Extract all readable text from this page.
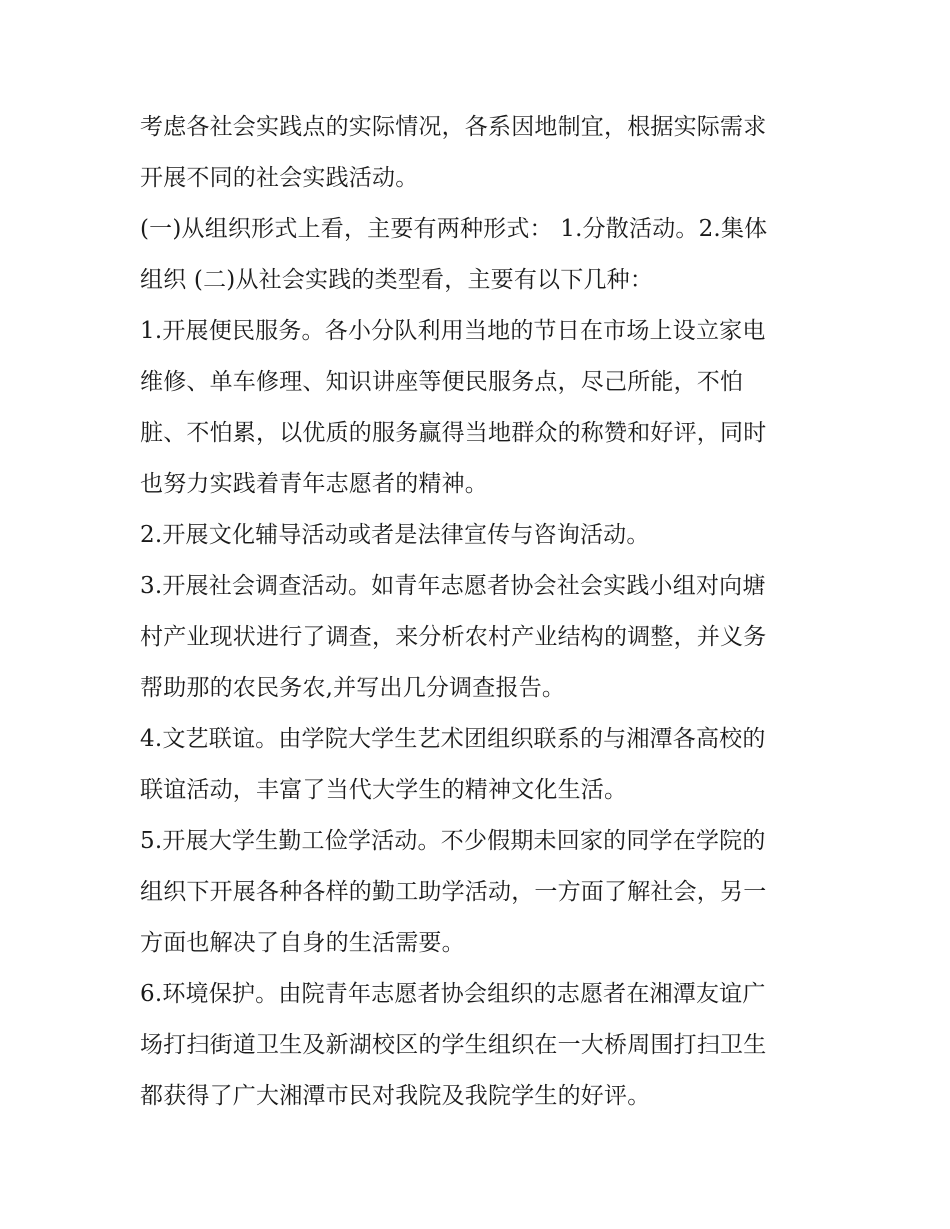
考虑各社会实践点的实际情况，各系因地制宜，根据实际需求

开展不同的社会实践活动。

(一)从组织形式上看，主要有两种形式： 1.分散活动。2.集体

组织 (二)从社会实践的类型看，主要有以下几种：

1.开展便民服务。各小分队利用当地的节日在市场上设立家电

维修、单车修理、知识讲座等便民服务点，尽己所能，不怕

脏、不怕累，以优质的服务赢得当地群众的称赞和好评，同时

也努力实践着青年志愿者的精神。

2.开展文化辅导活动或者是法律宣传与咨询活动。

3.开展社会调查活动。如青年志愿者协会社会实践小组对向塘

村产业现状进行了调查，来分析农村产业结构的调整，并义务

帮助那的农民务农,并写出几分调查报告。

4.文艺联谊。由学院大学生艺术团组织联系的与湘潭各高校的

联谊活动，丰富了当代大学生的精神文化生活。

5.开展大学生勤工俭学活动。不少假期未回家的同学在学院的

组织下开展各种各样的勤工助学活动，一方面了解社会，另一

方面也解决了自身的生活需要。

6.环境保护。由院青年志愿者协会组织的志愿者在湘潭友谊广

场打扫街道卫生及新湖校区的学生组织在一大桥周围打扫卫生

都获得了广大湘潭市民对我院及我院学生的好评。
